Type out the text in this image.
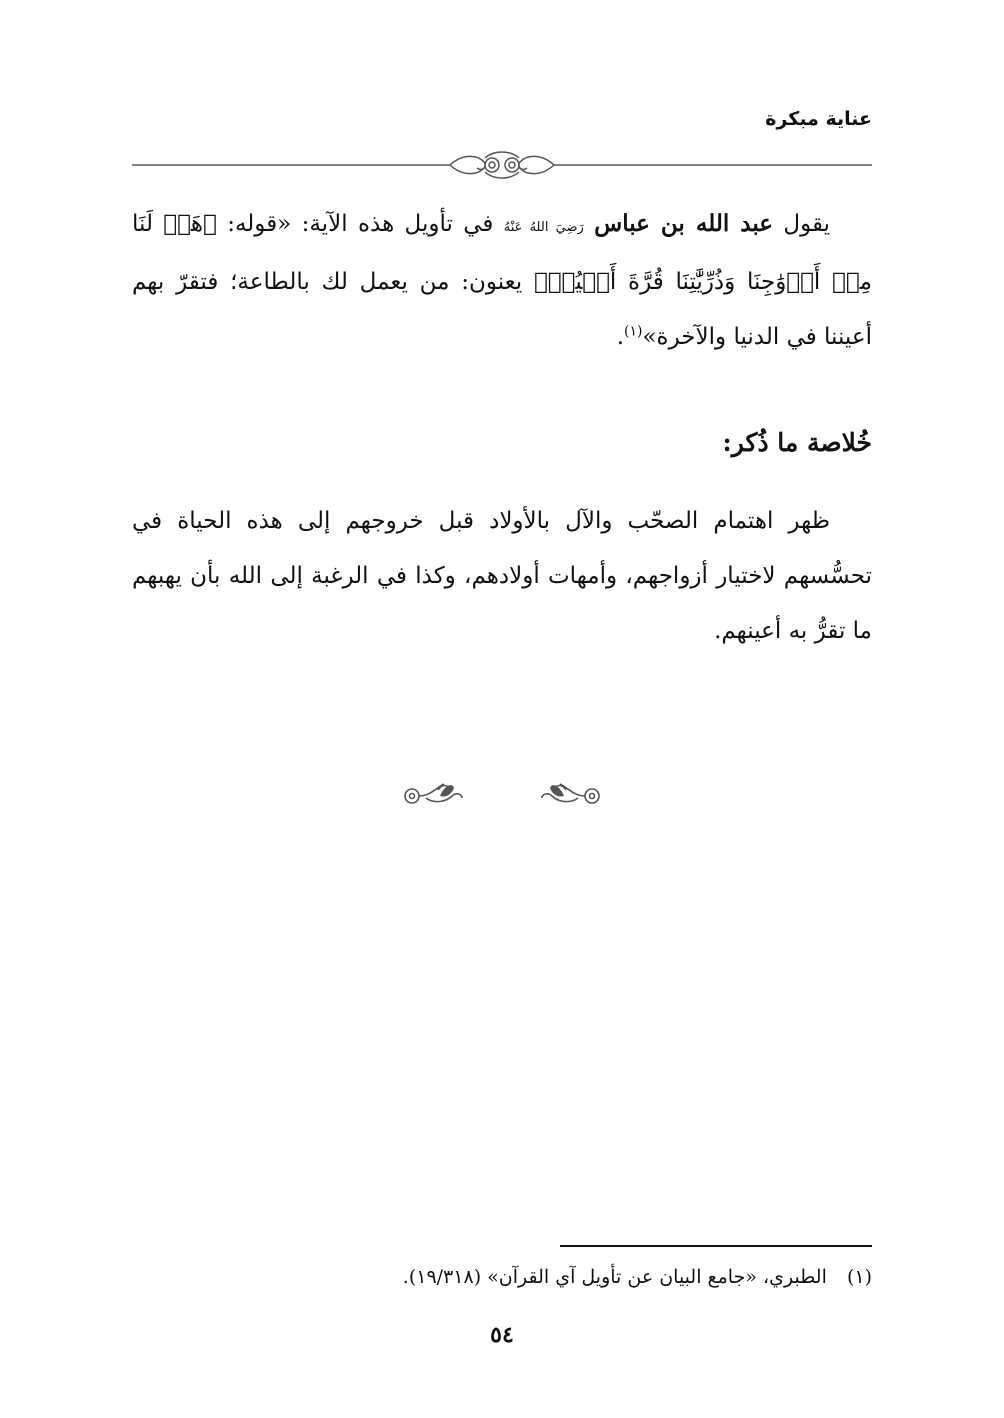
عناية مبكرة

يقول عبد الله بن عباس رَضِيَ اللهُ عَنْهُ في تأويل هذه الآية: «قوله: ﴿هَبۡ لَنَا مِنۡ أَزۡوَٰجِنَا وَذُرِّيَّٰتِنَا قُرَّةَ أَعۡيُنٖ﴾ يعنون: من يعمل لك بالطاعة؛ فتقرّ بهم أعيننا في الدنيا والآخرة»$^{(١)}$.

خُلاصة ما ذُكر:

ظهر اهتمام الصحّب والآل بالأولاد قبل خروجهم إلى هذه الحياة في تحسُّسهم لاختيار أزواجهم، وأمهات أولادهم، وكذا في الرغبة إلى الله بأن يهبهم ما تقرُّ به أعينهم.

(١) الطبري، «جامع البيان عن تأويل آي القرآن» (١٩/٣١٨).
٥٤
